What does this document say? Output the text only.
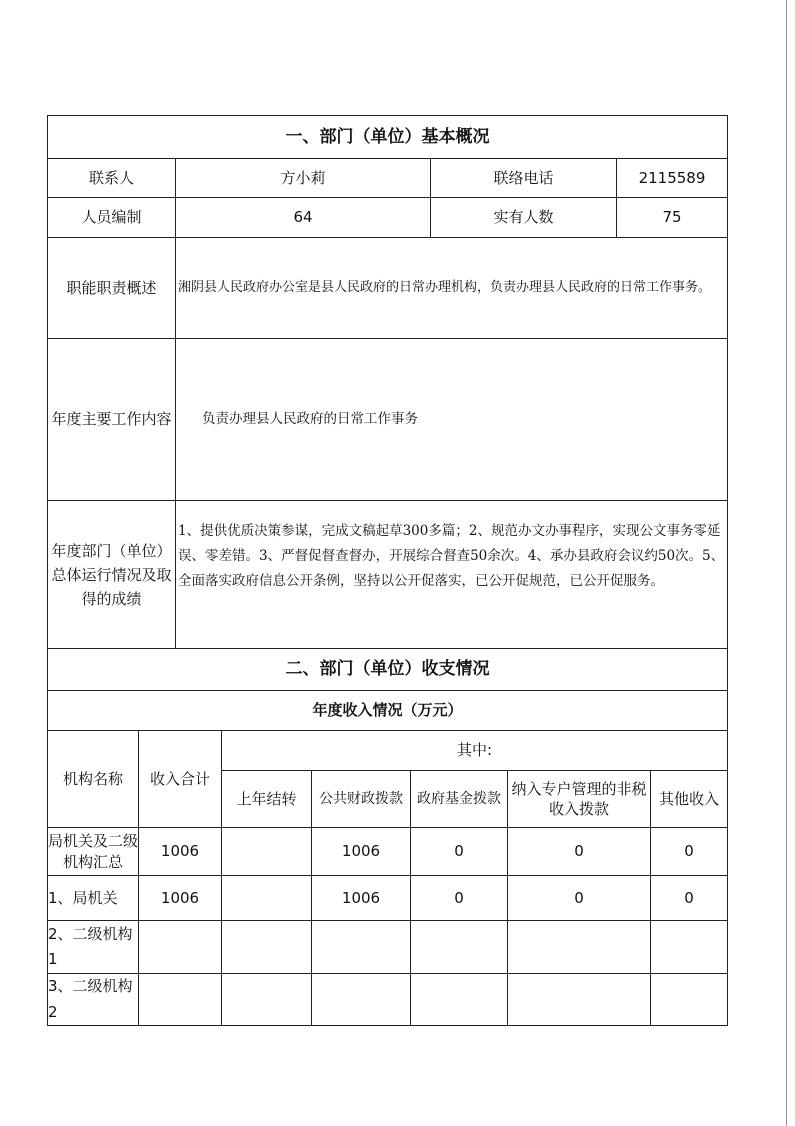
一、部门（单位）基本概况			
联系人	方小莉	联络电话	2115589
人员编制	64	实有人数	75
职能职责概述	湘阴县人民政府办公室是县人民政府的日常办理机构，负责办理县人民政府的日常工作事务。		
年度主要工作内容	负责办理县人民政府的日常工作事务		
年度部门（单位）总体运行情况及取得的成绩	1、提供优质决策参谋，完成文稿起草300多篇；2、规范办文办事程序，实现公文事务零延误、零差错。3、严督促督查督办，开展综合督查50余次。4、承办县政府会议约50次。5、全面落实政府信息公开条例，坚持以公开促落实，已公开促规范，已公开促服务。		
二、部门（单位）收支情况						
年度收入情况（万元）						
机构名称	收入合计	其中:				
		上年结转	公共财政拨款	政府基金拨款	纳入专户管理的非税收入拨款	其他收入
局机关及二级机构汇总	1006		1006	0	0	0
1、局机关	1006		1006	0	0	0
2、二级机构1						
3、二级机构2						
